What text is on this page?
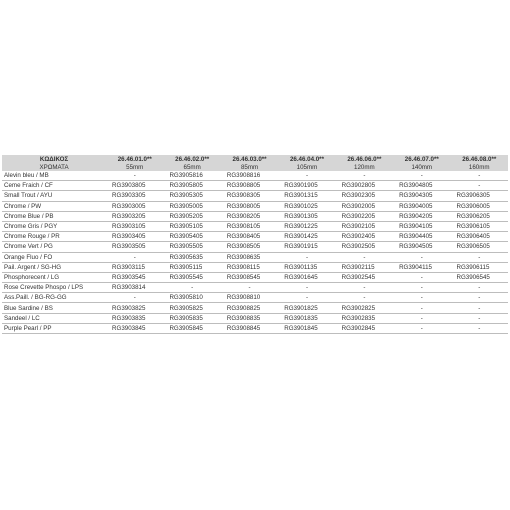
ΚΩΔΙΚΟΣ	26.46.01.0**	26.46.02.0**	26.46.03.0**	26.46.04.0**	26.46.06.0**	26.46.07.0**	26.46.08.0**
ΧΡΩΜΑΤΑ	55mm	65mm	85mm	105mm	120mm	140mm	160mm
Alevin bleu / MB	-	RG3905816	RG3908816	-	-	-	-
Ceme Fraich / CF	RG3903805	RG3905805	RG3908805	RG3901905	RG3902805	RG3904805	-
Small Trout / AYU	RG3903305	RG3905305	RG3908305	RG3901315	RG3902305	RG3904305	RG3906305
Chrome / PW	RG3903005	RG3905005	RG3908005	RG3901025	RG3902005	RG3904005	RG3906005
Chrome Blue / PB	RG3903205	RG3905205	RG3908205	RG3901305	RG3902205	RG3904205	RG3906205
Chrome Gris / PGY	RG3903105	RG3905105	RG3908105	RG3901225	RG3902105	RG3904105	RG3906105
Chrome Rouge / PR	RG3903405	RG3905405	RG3908405	RG3901425	RG3902405	RG3904405	RG3906405
Chrome Vert / PG	RG3903505	RG3905505	RG3908505	RG3901915	RG3902505	RG3904505	RG3906505
Orange Fluo / FO	-	RG3905635	RG3908635	-	-	-	-
Pail. Argent / SG-HG	RG3903115	RG3905115	RG3908115	RG3901135	RG3902115	RG3904115	RG3906115
Phosphorecent / LG	RG3903545	RG3905545	RG3908545	RG3901645	RG3902545	-	RG3906545
Rose Crevette Phospo / LPS	RG3903814	-	-	-	-	-	-
Ass.Paill. / BG-RG-GG	-	RG3905810	RG3908810	-	-	-	-
Blue Sardine / BS	RG3903825	RG3905825	RG3908825	RG3901825	RG3902825	-	-
Sandeel / LC	RG3903835	RG3905835	RG3908835	RG3901835	RG3902835	-	-
Purple Pearl / PP	RG3903845	RG3905845	RG3908845	RG3901845	RG3902845	-	-
